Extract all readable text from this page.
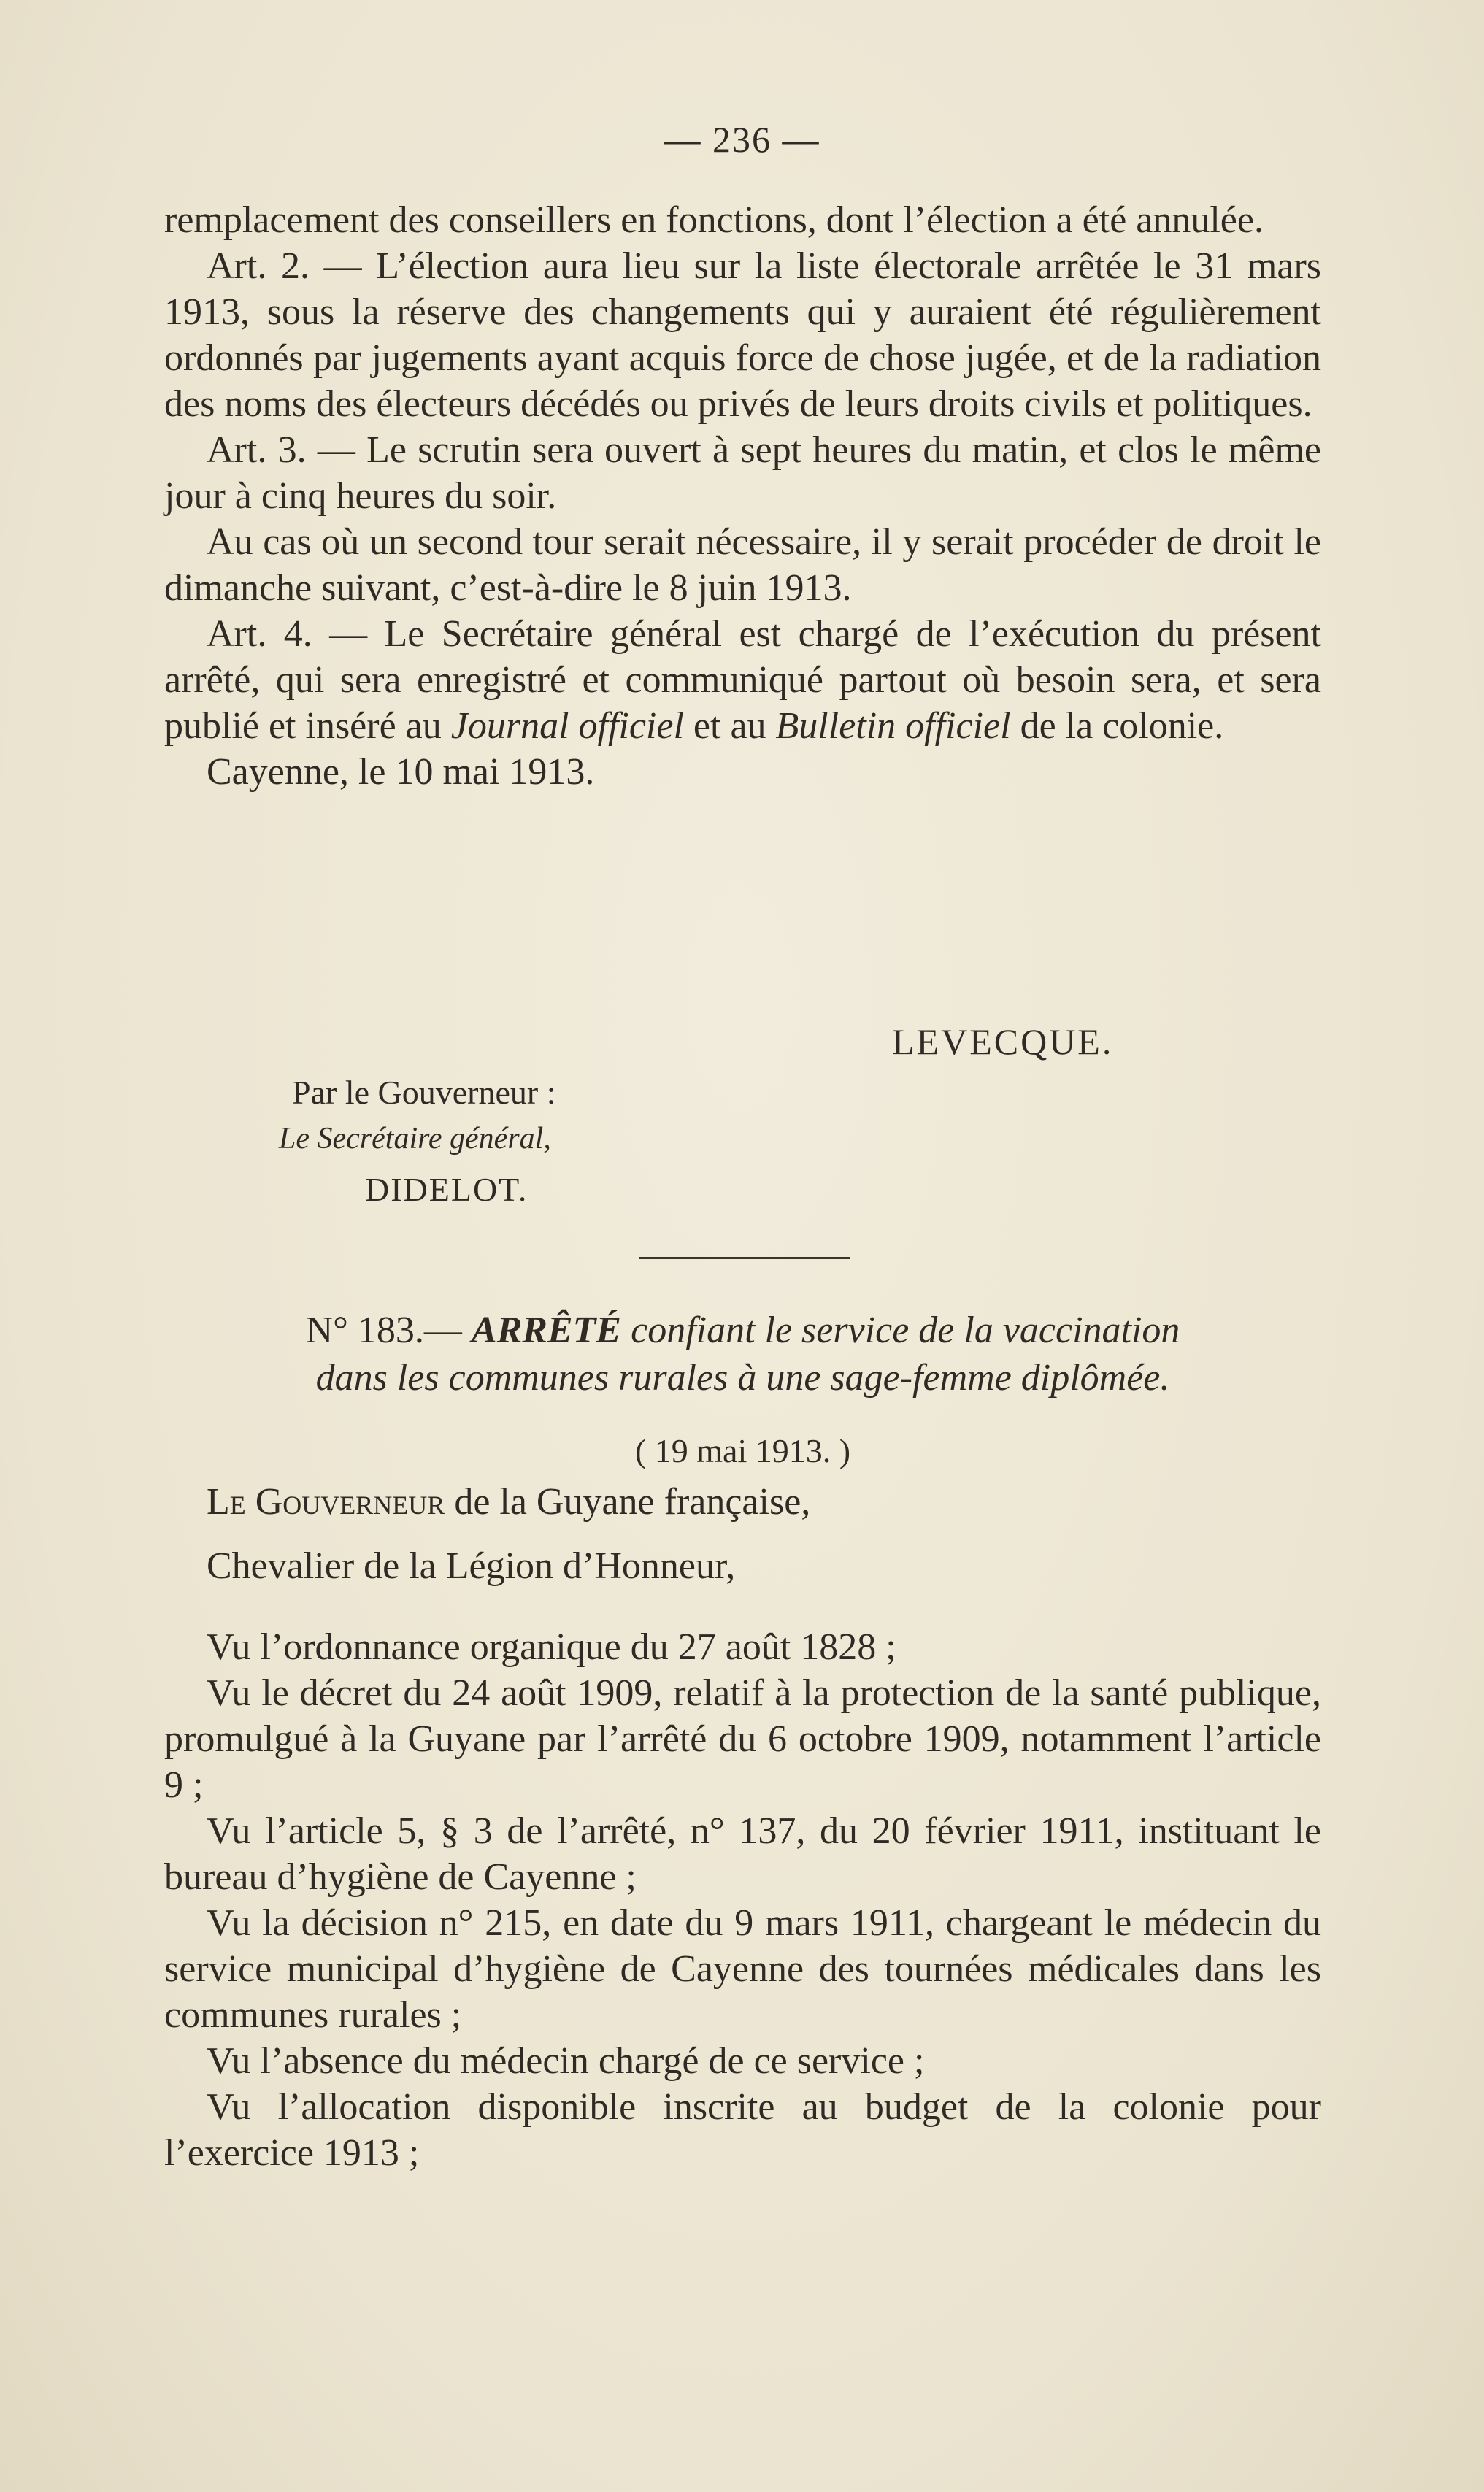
— 236 —

remplacement des conseillers en fonctions, dont l’élection a été annulée.

Art. 2. — L’élection aura lieu sur la liste électorale arrêtée le 31 mars 1913, sous la réserve des changements qui y auraient été régulièrement ordonnés par jugements ayant acquis force de chose jugée, et de la radiation des noms des électeurs décédés ou privés de leurs droits civils et politiques.

Art. 3. — Le scrutin sera ouvert à sept heures du matin, et clos le même jour à cinq heures du soir.

Au cas où un second tour serait nécessaire, il y serait procéder de droit le dimanche suivant, c’est-à-dire le 8 juin 1913.

Art. 4. — Le Secrétaire général est chargé de l’exécution du présent arrêté, qui sera enregistré et communiqué partout où besoin sera, et sera publié et inséré au Journal officiel et au Bulletin officiel de la colonie.

Cayenne, le 10 mai 1913.

LEVECQUE.
Par le Gouverneur :
Le Secrétaire général,
DIDELOT.
N° 183.— ARRÊTÉ confiant le service de la vaccination
dans les communes rurales à une sage-femme diplômée.
( 19 mai 1913. )

Le Gouverneur de la Guyane française,

Chevalier de la Légion d’Honneur,

Vu l’ordonnance organique du 27 août 1828 ;

Vu le décret du 24 août 1909, relatif à la protection de la santé publique, promulgué à la Guyane par l’arrêté du 6 octobre 1909, notamment l’article 9 ;

Vu l’article 5, § 3 de l’arrêté, n° 137, du 20 février 1911, instituant le bureau d’hygiène de Cayenne ;

Vu la décision n° 215, en date du 9 mars 1911, chargeant le médecin du service municipal d’hygiène de Cayenne des tournées médicales dans les communes rurales ;

Vu l’absence du médecin chargé de ce service ;

Vu l’allocation disponible inscrite au budget de la colonie pour l’exercice 1913 ;
